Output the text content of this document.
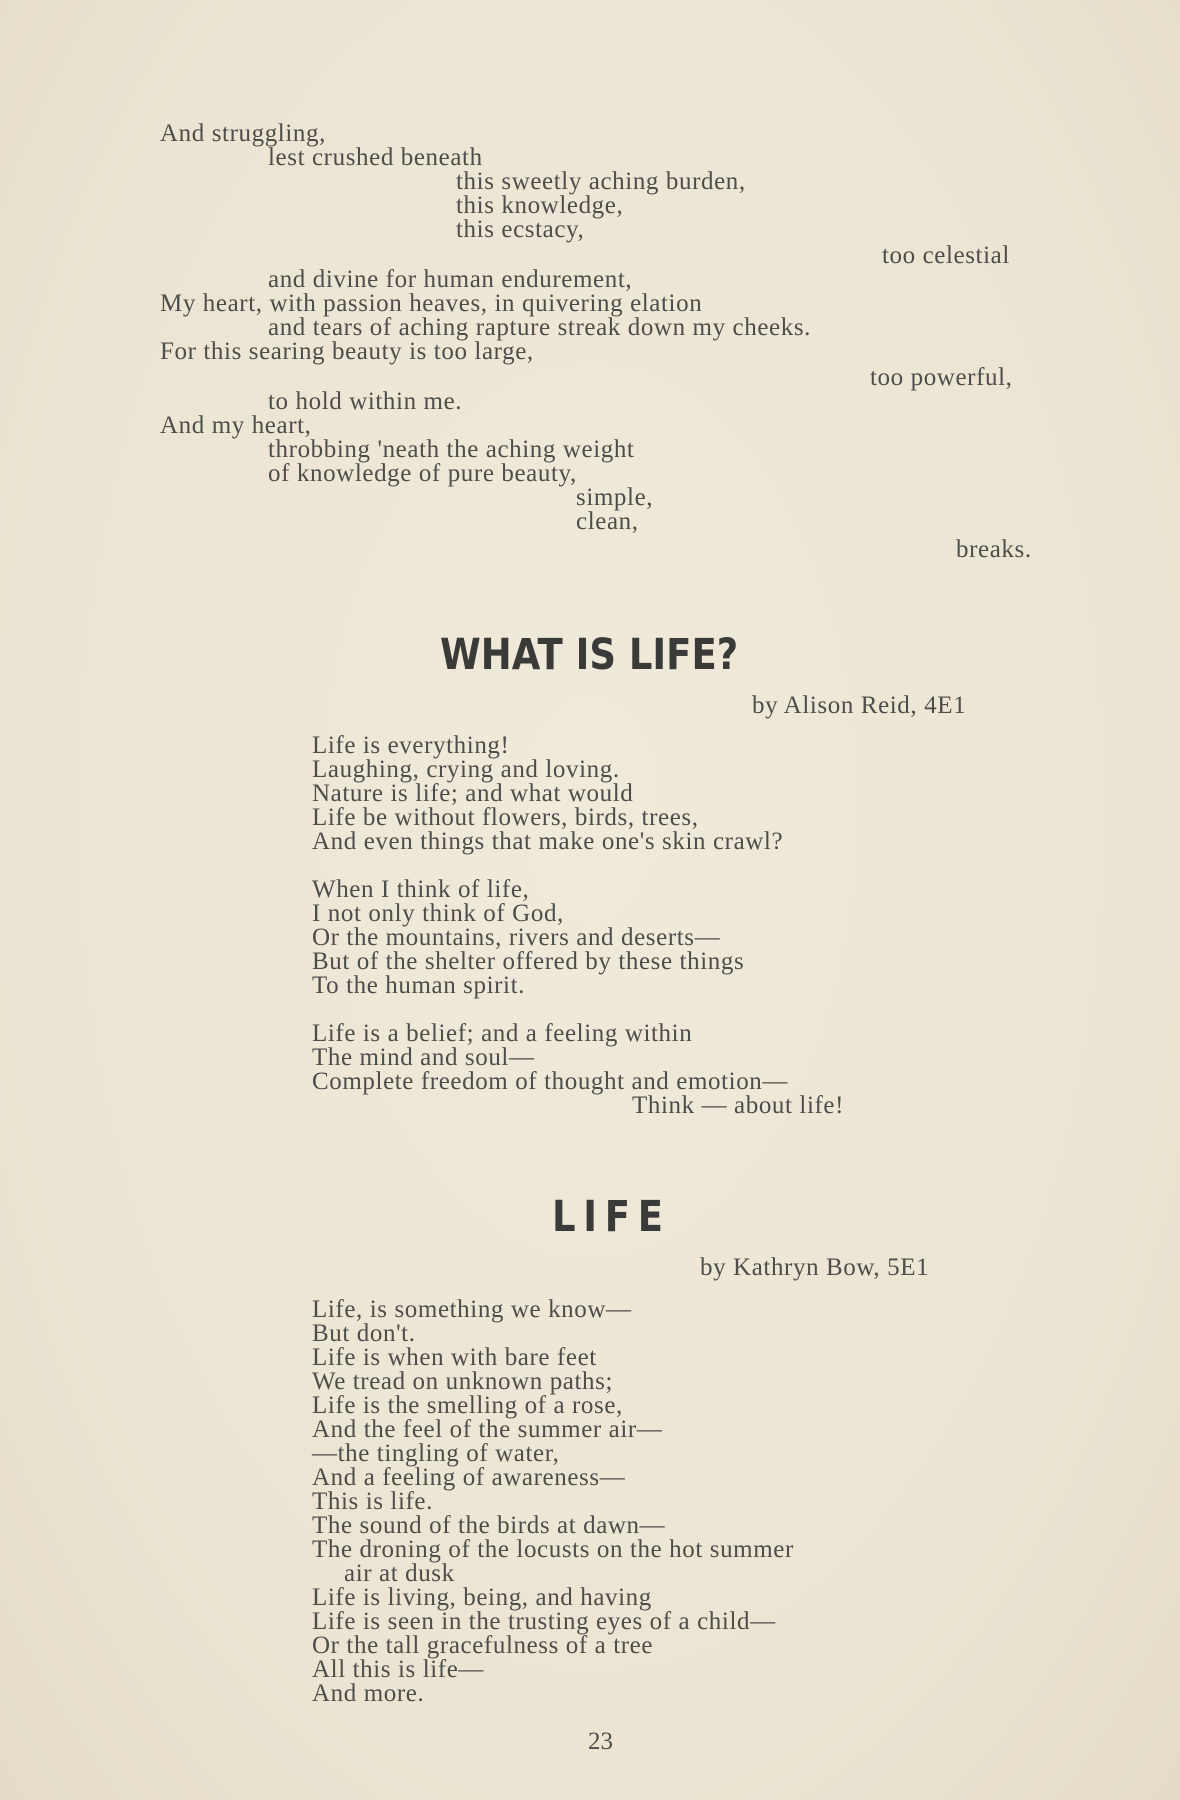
And struggling,
lest crushed beneath
this sweetly aching burden,
this knowledge,
this ecstacy,
too celestial
and divine for human endurement,
My heart, with passion heaves, in quivering elation
and tears of aching rapture streak down my cheeks.
For this searing beauty is too large,
too powerful,
to hold within me.
And my heart,
throbbing 'neath the aching weight
of knowledge of pure beauty,
simple,
clean,
breaks.
WHAT IS LIFE?
by Alison Reid, 4E1
Life is everything!
Laughing, crying and loving.
Nature is life; and what would
Life be without flowers, birds, trees,
And even things that make one's skin crawl?
When I think of life,
I not only think of God,
Or the mountains, rivers and deserts—
But of the shelter offered by these things
To the human spirit.
Life is a belief; and a feeling within
The mind and soul—
Complete freedom of thought and emotion—
Think — about life!
LIFE
by Kathryn Bow, 5E1
Life, is something we know—
But don't.
Life is when with bare feet
We tread on unknown paths;
Life is the smelling of a rose,
And the feel of the summer air—
—the tingling of water,
And a feeling of awareness—
This is life.
The sound of the birds at dawn—
The droning of the locusts on the hot summer
air at dusk
Life is living, being, and having
Life is seen in the trusting eyes of a child—
Or the tall gracefulness of a tree
All this is life—
And more.
23
